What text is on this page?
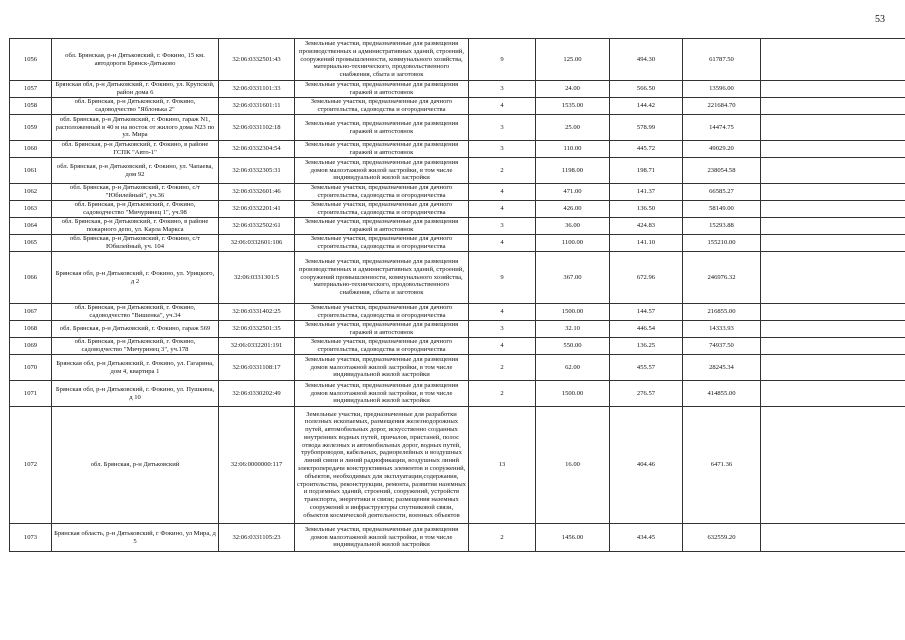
53
1056	обл. Брянская, р-н Дятьковский, г. Фокино, 15 км. автодороги Брянск-Дятьково	32:06:0332501:43	Земельные участки, предназначенные для размещения производственных и административных зданий, строений, сооружений промышленности, коммунального хозяйства, материально-технического, продовольственного снабжения, сбыта и заготовок	9	125.00	494.30	61787.50	
1057	Брянская обл, р-н Дятьковский, г. Фокино, ул. Крупской, район дома 6	32:06:0331101:33	Земельные участки, предназначенные для размещения гаражей и автостоянок	3	24.00	566.50	13596.00	
1058	обл. Брянская, р-н Дятьковский, г. Фокино, садоводчество "Яблонька 2"	32:06:0331601:11	Земельные участки, предназначенные для дачного строительства, садоводства и огородничества	4	1535.00	144.42	221684.70	
1059	обл. Брянская, р-н Дятьковский, г. Фокино, гараж N1, расположенный в 40 м на восток от жилого дома N23 по ул. Мира	32:06:0331102:18	Земельные участки, предназначенные для размещения гаражей и автостоянок	3	25.00	578.99	14474.75	
1060	обл. Брянская, р-н Дятьковский, г. Фокино, в районе ГСПК "Авто-1"	32:06:0332304:54	Земельные участки, предназначенные для размещения гаражей и автостоянок	3	110.00	445.72	49029.20	
1061	обл. Брянская, р-н Дятьковский, г. Фокино, ул. Чапаева, дом 92	32:06:0332305:31	Земельные участки, предназначенные для размещения домов малоэтажной жилой застройки, в том числе индивидуальной жилой застройки	2	1198.00	198.71	238054.58	
1062	обл. Брянская, р-н Дятьковский, г. Фокино, с/т "Юбилейный", уч.36	32:06:0332601:46	Земельные участки, предназначенные для дачного строительства, садоводства и огородничества	4	471.00	141.37	66585.27	
1063	обл. Брянская, р-н Дятьковский, г. Фокино, садоводчество "Мичуринец 1", уч.98	32:06:0332201:41	Земельные участки, предназначенные для дачного строительства, садоводства и огородничества	4	426.00	136.50	58149.00	
1064	обл. Брянская, р-н Дятьковский, г. Фокино, в районе пожарного депо, ул. Карла Маркса	32:06:0332502:61	Земельные участки, предназначенные для размещения гаражей и автостоянок	3	36.00	424.83	15293.88	
1065	обл. Брянская, р-н Дятьковский, г. Фокино, с/т Юбилейный, уч. 104	32:06:0332601:106	Земельные участки, предназначенные для дачного строительства, садоводства и огородничества	4	1100.00	141.10	155210.00	
1066	Брянская обл, р-н Дятьковский, г. Фокино, ул. Урицкого, д 2	32:06:0331301:5	Земельные участки, предназначенные для размещения производственных и административных зданий, строений, сооружений промышленности, коммунального хозяйства, материально-технического, продовольственного снабжения, сбыта и заготовок	9	367.00	672.96	246976.32	
1067	обл. Брянская, р-н Дятьковский, г. Фокино, садоводчество "Вишенка", уч.34	32:06:0331402:25	Земельные участки, предназначенные для дачного строительства, садоводства и огородничества	4	1500.00	144.57	216855.00	
1068	обл. Брянская, р-н Дятьковский, г. Фокино, гараж 569	32:06:0332501:35	Земельные участки, предназначенные для размещения гаражей и автостоянок	3	32.10	446.54	14333.93	
1069	обл. Брянская, р-н Дятьковский, г. Фокино, садоводчество "Мичуринец 3", уч.178	32:06:0332201:191	Земельные участки, предназначенные для дачного строительства, садоводства и огородничества	4	550.00	136.25	74937.50	
1070	Брянская обл, р-н Дятьковский, г. Фокино, ул. Гагарина, дом 4, квартира 1	32:06:0331108:17	Земельные участки, предназначенные для размещения домов малоэтажной жилой застройки, в том числе индивидуальной жилой застройки	2	62.00	455.57	28245.34	
1071	Брянская обл, р-н Дятьковский, г. Фокино, ул. Пушкина, д 10	32:06:0330202:49	Земельные участки, предназначенные для размещения домов малоэтажной жилой застройки, в том числе индивидуальной жилой застройки	2	1500.00	276.57	414855.00	
1072	обл. Брянская, р-н Дятьковский	32:06:0000000:117	Земельные участки, предназначенные для разработки полезных ископаемых, размещения железнодорожных путей, автомобильных дорог, искусственно созданных внутренних водных путей, причалов, пристаней, полос отвода железных и автомобильных дорог, водных путей, трубопроводов, кабельных, радиорелейных и воздушных линий связи и линий радиофикации, воздушных линий электропередачи конструктивных элементов и сооружений, объектов, необходимых для эксплуатации,содержания, строительства, реконструкции, ремонта, развития наземных и подземных зданий, строений, сооружений, устройств транспорта, энергетики и связи; размещения наземных сооружений и инфраструктуры спутниковой связи, объектов космической деятельности, военных объектов	13	16.00	404.46	6471.36	
1073	Брянская область, р-н Дятьковский, г Фокино, ул Мира, д 5	32:06:0331105:23	Земельные участки, предназначенные для размещения домов малоэтажной жилой застройки, в том числе индивидуальной жилой застройки	2	1456.00	434.45	632559.20	
